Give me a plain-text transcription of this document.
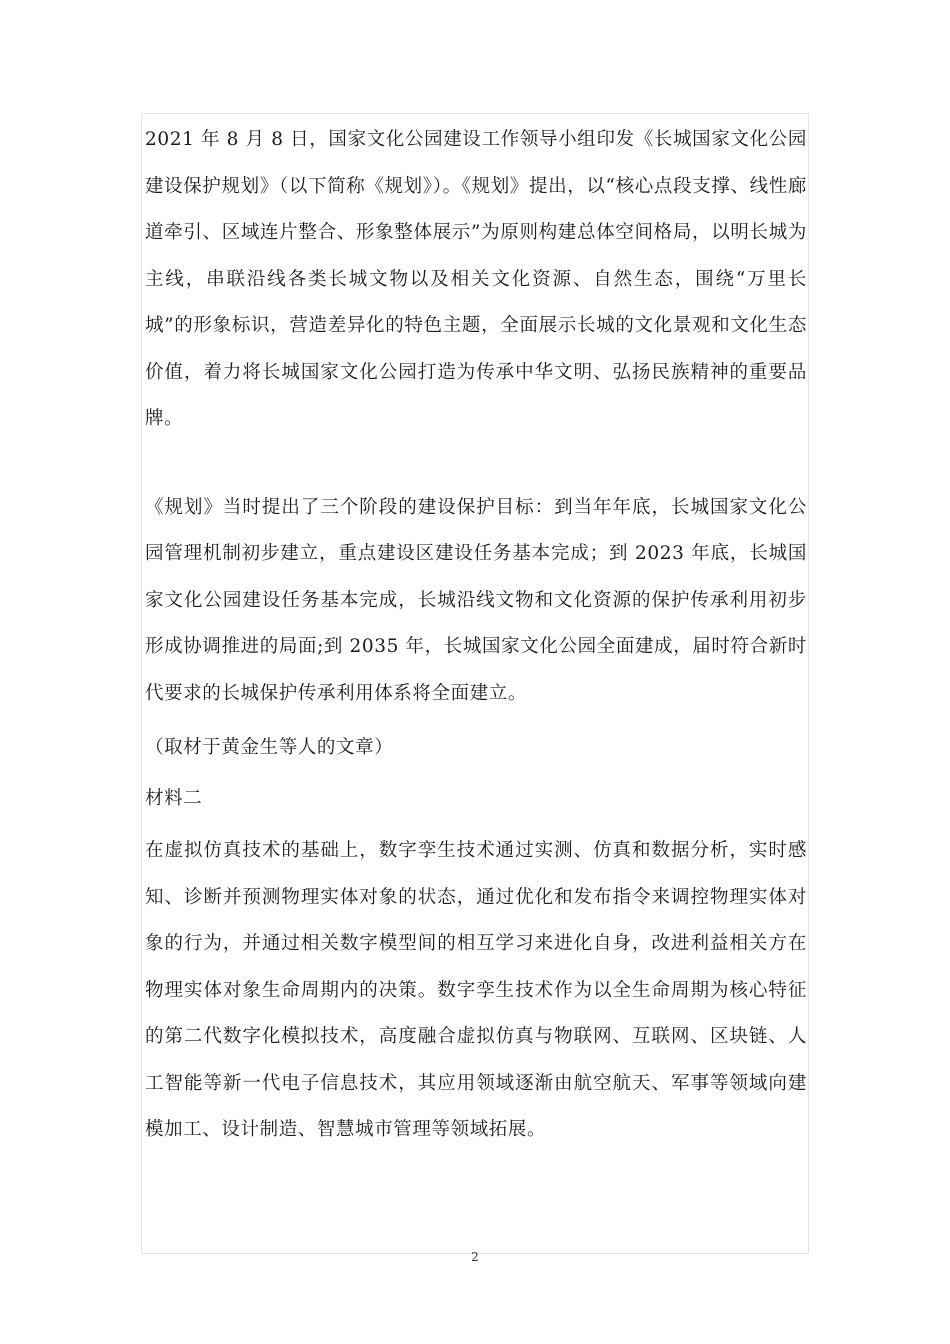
2021 年 8 月 8 日，国家文化公园建设工作领导小组印发《长城国家文化公园建设保护规划》（以下简称《规划》）。《规划》提出，以“核心点段支撑、线性廊道牵引、区域连片整合、形象整体展示”为原则构建总体空间格局，以明长城为主线，串联沿线各类长城文物以及相关文化资源、自然生态，围绕“万里长城”的形象标识，营造差异化的特色主题，全面展示长城的文化景观和文化生态价值，着力将长城国家文化公园打造为传承中华文明、弘扬民族精神的重要品牌。

《规划》当时提出了三个阶段的建设保护目标：到当年年底，长城国家文化公园管理机制初步建立，重点建设区建设任务基本完成；到 2023 年底，长城国家文化公园建设任务基本完成，长城沿线文物和文化资源的保护传承利用初步形成协调推进的局面;到 2035 年，长城国家文化公园全面建成，届时符合新时代要求的长城保护传承利用体系将全面建立。

（取材于黄金生等人的文章）

材料二

在虚拟仿真技术的基础上，数字孪生技术通过实测、仿真和数据分析，实时感知、诊断并预测物理实体对象的状态，通过优化和发布指令来调控物理实体对象的行为，并通过相关数字模型间的相互学习来进化自身，改进利益相关方在物理实体对象生命周期内的决策。数字孪生技术作为以全生命周期为核心特征的第二代数字化模拟技术，高度融合虚拟仿真与物联网、互联网、区块链、人工智能等新一代电子信息技术，其应用领域逐渐由航空航天、军事等领域向建模加工、设计制造、智慧城市管理等领域拓展。

2
